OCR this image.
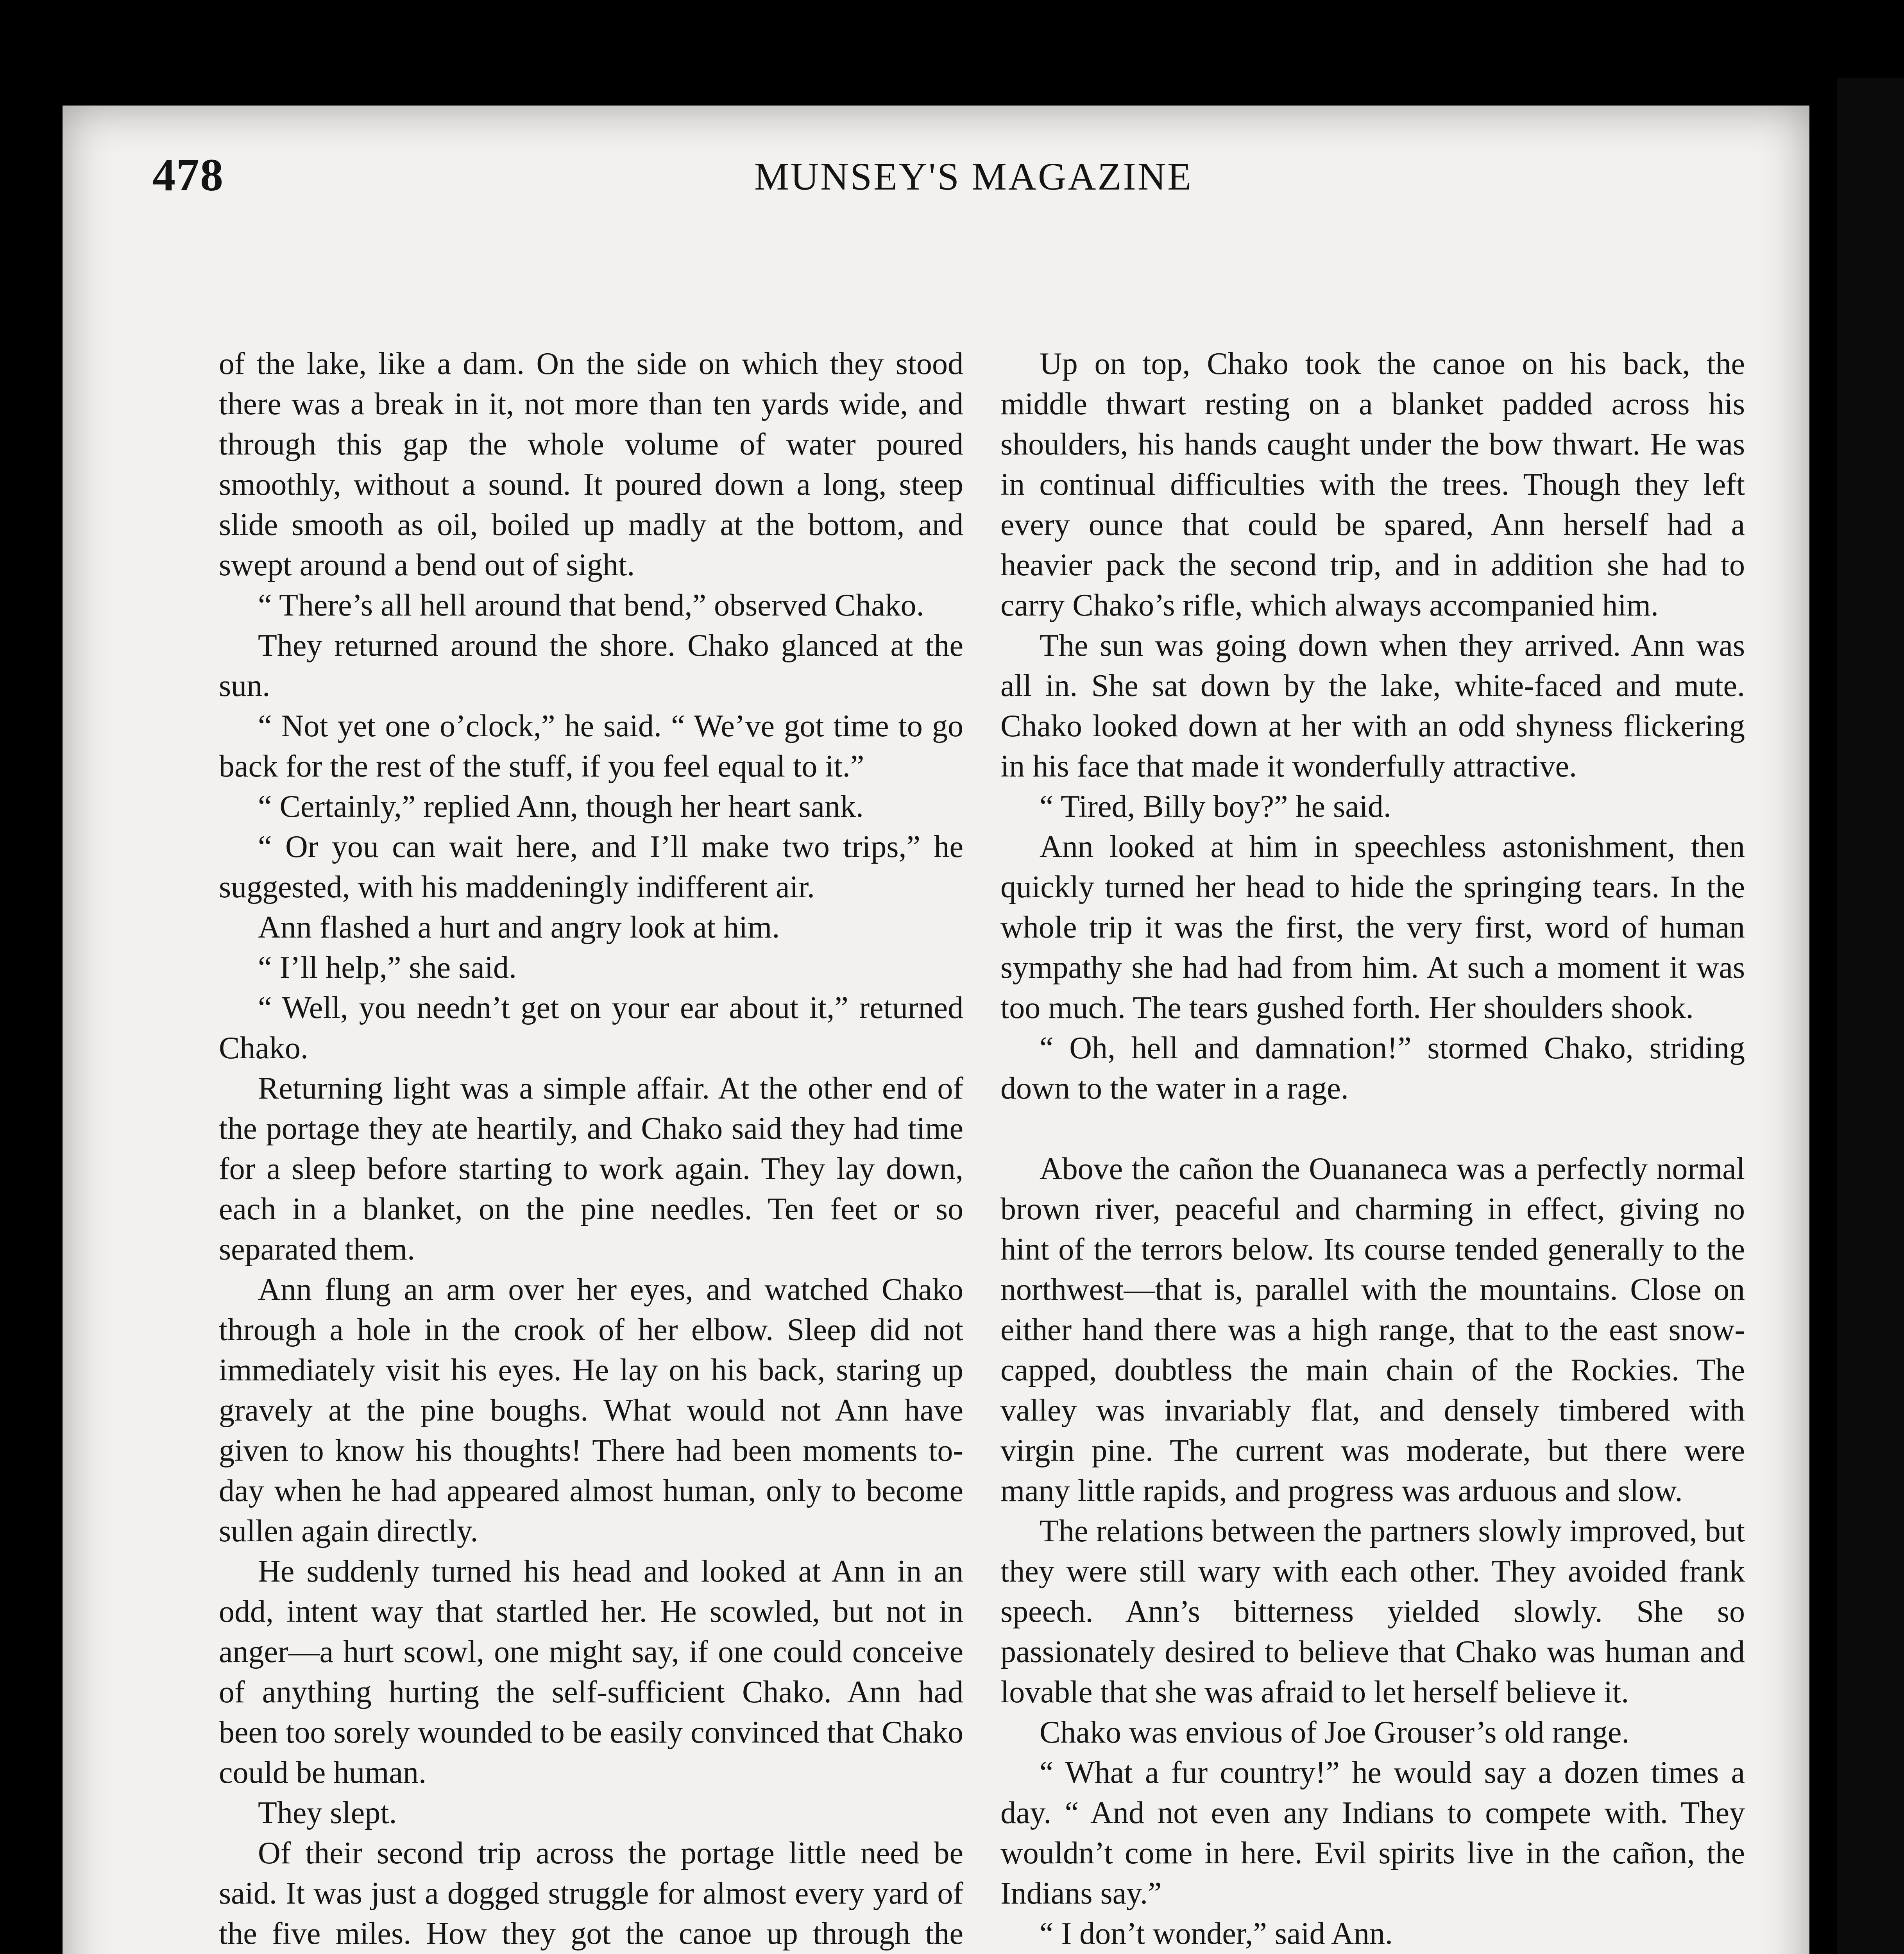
478	MUNSEY'S MAGAZINE

of the lake, like a dam. On the side on which they stood there was a break in it, not more than ten yards wide, and through this gap the whole volume of water poured smoothly, without a sound. It poured down a long, steep slide smooth as oil, boiled up madly at the bottom, and swept around a bend out of sight.

“ There’s all hell around that bend,” observed Chako.

They returned around the shore. Chako glanced at the sun.

“ Not yet one o’clock,” he said. “ We’ve got time to go back for the rest of the stuff, if you feel equal to it.”

“ Certainly,” replied Ann, though her heart sank.

“ Or you can wait here, and I’ll make two trips,” he suggested, with his maddeningly indifferent air.

Ann flashed a hurt and angry look at him.

“ I’ll help,” she said.

“ Well, you needn’t get on your ear about it,” returned Chako.

Returning light was a simple affair. At the other end of the portage they ate heartily, and Chako said they had time for a sleep before starting to work again. They lay down, each in a blanket, on the pine needles. Ten feet or so separated them.

Ann flung an arm over her eyes, and watched Chako through a hole in the crook of her elbow. Sleep did not immediately visit his eyes. He lay on his back, staring up gravely at the pine boughs. What would not Ann have given to know his thoughts! There had been moments to-day when he had appeared almost human, only to become sullen again directly.

He suddenly turned his head and looked at Ann in an odd, intent way that startled her. He scowled, but not in anger—a hurt scowl, one might say, if one could conceive of anything hurting the self-sufficient Chako. Ann had been too sorely wounded to be easily convinced that Chako could be human.

They slept.

Of their second trip across the portage little need be said. It was just a dogged struggle for almost every yard of the five miles. How they got the canoe up through the

Up on top, Chako took the canoe on his back, the middle thwart resting on a blanket padded across his shoulders, his hands caught under the bow thwart. He was in continual difficulties with the trees. Though they left every ounce that could be spared, Ann herself had a heavier pack the second trip, and in addition she had to carry Chako’s rifle, which always accompanied him.

The sun was going down when they arrived. Ann was all in. She sat down by the lake, white-faced and mute. Chako looked down at her with an odd shyness flickering in his face that made it wonderfully attractive.

“ Tired, Billy boy?” he said.

Ann looked at him in speechless astonishment, then quickly turned her head to hide the springing tears. In the whole trip it was the first, the very first, word of human sympathy she had had from him. At such a moment it was too much. The tears gushed forth. Her shoulders shook.

“ Oh, hell and damnation!” stormed Chako, striding down to the water in a rage.

Above the cañon the Ouananeca was a perfectly normal brown river, peaceful and charming in effect, giving no hint of the terrors below. Its course tended generally to the northwest—that is, parallel with the mountains. Close on either hand there was a high range, that to the east snow-capped, doubtless the main chain of the Rockies. The valley was invariably flat, and densely timbered with virgin pine. The current was moderate, but there were many little rapids, and progress was arduous and slow.

The relations between the partners slowly improved, but they were still wary with each other. They avoided frank speech. Ann’s bitterness yielded slowly. She so passionately desired to believe that Chako was human and lovable that she was afraid to let herself believe it.

Chako was envious of Joe Grouser’s old range.

“ What a fur country!” he would say a dozen times a day. “ And not even any Indians to compete with. They wouldn’t come in here. Evil spirits live in the cañon, the Indians say.”

“ I don’t wonder,” said Ann.
